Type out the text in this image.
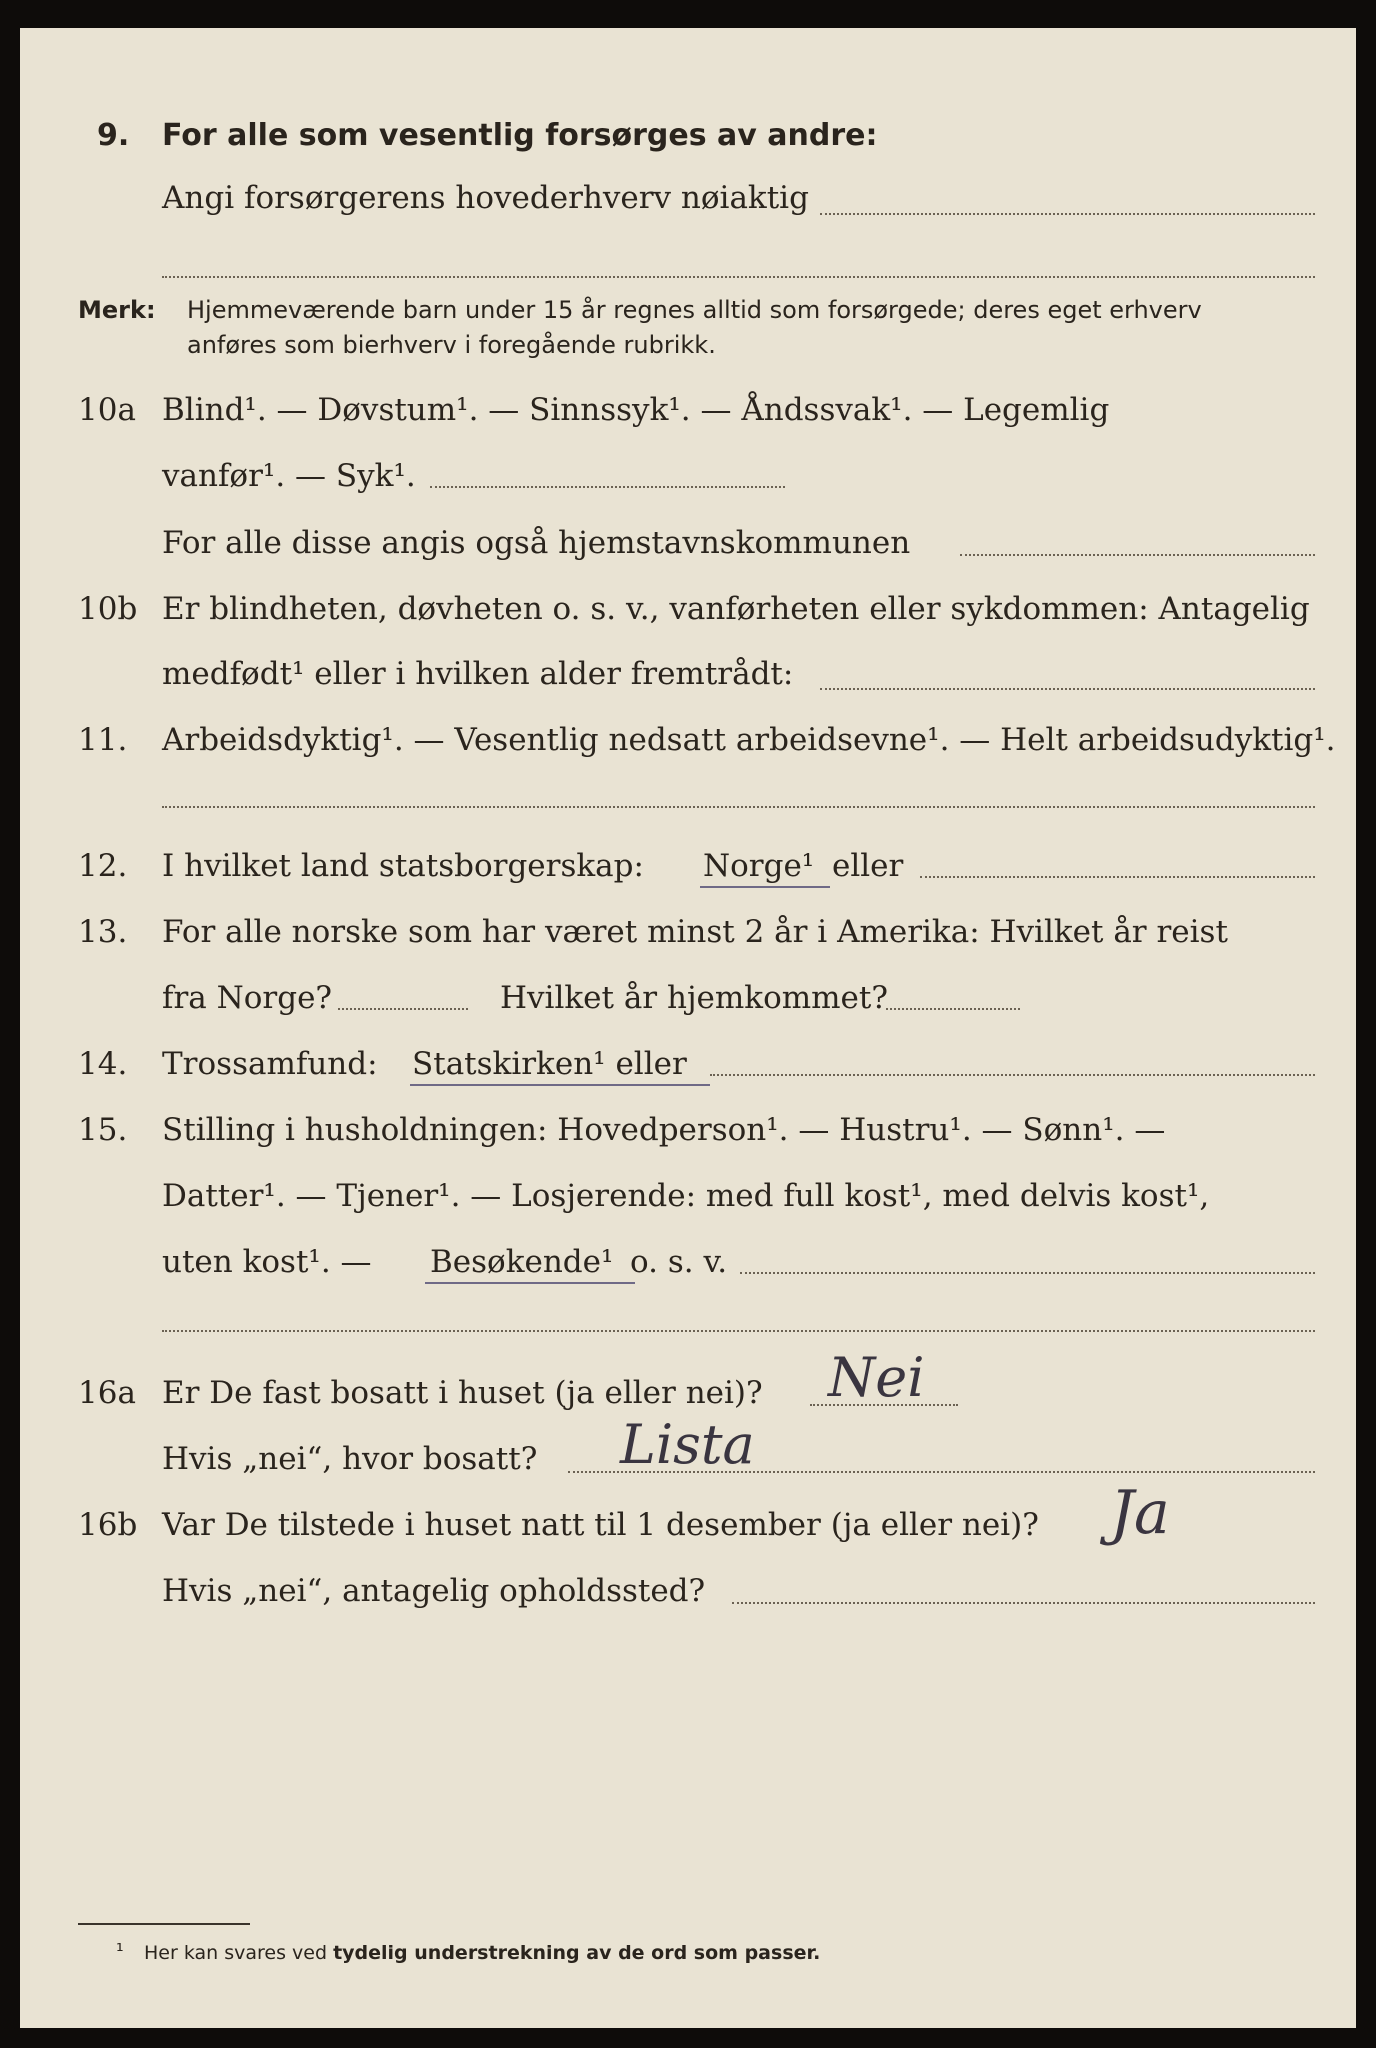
9. For alle som vesentlig forsørges av andre:
Angi forsørgerens hovederhverv nøiaktig
Merk: Hjemmeværende barn under 15 år regnes alltid som forsørgede; deres eget erhverv
anføres som bierhverv i foregående rubrikk.
10a Blind¹. — Døvstum¹. — Sinnssyk¹. — Åndssvak¹. — Legemlig
vanfør¹. — Syk¹.
For alle disse angis også hjemstavnskommunen
10b Er blindheten, døvheten o. s. v., vanførheten eller sykdommen: Antagelig
medfødt¹ eller i hvilken alder fremtrådt:
11. Arbeidsdyktig¹. — Vesentlig nedsatt arbeidsevne¹. — Helt arbeidsudyktig¹.
12. I hvilket land statsborgerskap: Norge¹ eller
13. For alle norske som har været minst 2 år i Amerika: Hvilket år reist
fra Norge?	Hvilket år hjemkommet?
14. Trossamfund: Statskirken¹ eller
15. Stilling i husholdningen: Hovedperson¹. — Hustru¹. — Sønn¹. —
Datter¹. — Tjener¹. — Losjerende: med full kost¹, med delvis kost¹,
uten kost¹. — Besøkende¹ o. s. v.
16a Er De fast bosatt i huset (ja eller nei)? Nei
Hvis „nei“, hvor bosatt? Lista
16b Var De tilstede i huset natt til 1 desember (ja eller nei)? Ja
Hvis „nei“, antagelig opholdssted?
¹ Her kan svares ved tydelig understrekning av de ord som passer.
